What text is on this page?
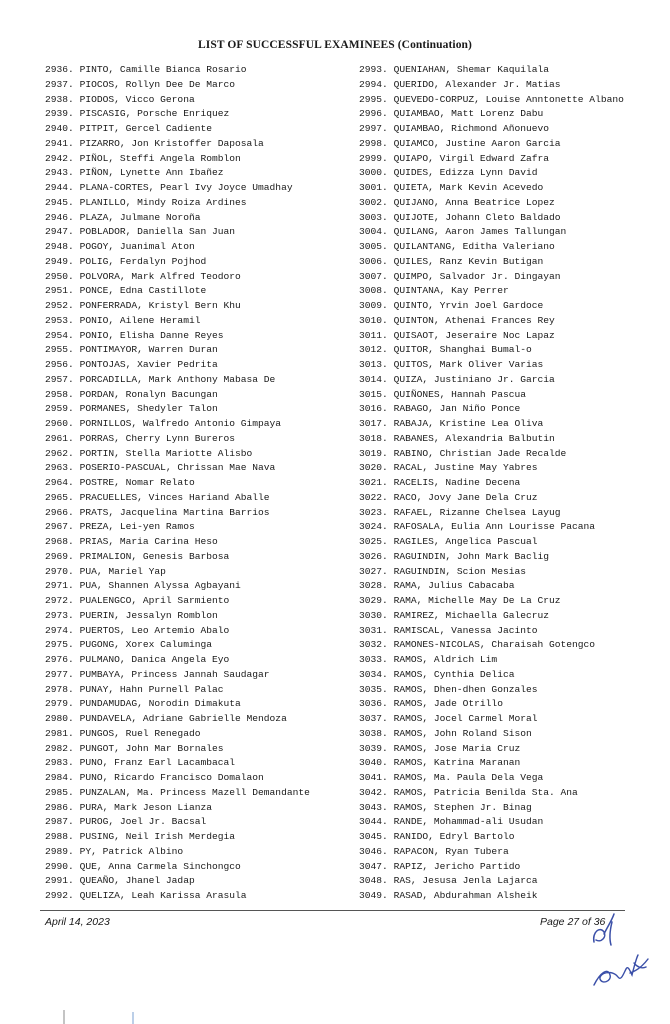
LIST OF SUCCESSFUL EXAMINEES (Continuation)
2936. PINTO, Camille Bianca Rosario
2937. PIOCOS, Rollyn Dee De Marco
2938. PIODOS, Vicco Gerona
2939. PISCASIG, Porsche Enriquez
2940. PITPIT, Gercel Cadiente
2941. PIZARRO, Jon Kristoffer Daposala
2942. PIÑOL, Steffi Angela Romblon
2943. PIÑON, Lynette Ann Ibañez
2944. PLANA-CORTES, Pearl Ivy Joyce Umadhay
2945. PLANILLO, Mindy Roiza Ardines
2946. PLAZA, Julmane Noroña
2947. POBLADOR, Daniella San Juan
2948. POGOY, Juanimal Aton
2949. POLIG, Ferdalyn Pojhod
2950. POLVORA, Mark Alfred Teodoro
2951. PONCE, Edna Castillote
2952. PONFERRADA, Kristyl Bern Khu
2953. PONIO, Ailene Heramil
2954. PONIO, Elisha Danne Reyes
2955. PONTIMAYOR, Warren Duran
2956. PONTOJAS, Xavier Pedrita
2957. PORCADILLA, Mark Anthony Mabasa De
2958. PORDAN, Ronalyn Bacungan
2959. PORMANES, Shedyler Talon
2960. PORNILLOS, Walfredo Antonio Gimpaya
2961. PORRAS, Cherry Lynn Bureros
2962. PORTIN, Stella Mariotte Alisbo
2963. POSERIO-PASCUAL, Chrissan Mae Nava
2964. POSTRE, Nomar Relato
2965. PRACUELLES, Vinces Hariand Aballe
2966. PRATS, Jacquelina Martina Barrios
2967. PREZA, Lei-yen Ramos
2968. PRIAS, Maria Carina Heso
2969. PRIMALION, Genesis Barbosa
2970. PUA, Mariel Yap
2971. PUA, Shannen Alyssa Agbayani
2972. PUALENGCO, April Sarmiento
2973. PUERIN, Jessalyn Romblon
2974. PUERTOS, Leo Artemio Abalo
2975. PUGONG, Xorex Caluminga
2976. PULMANO, Danica Angela Eyo
2977. PUMBAYA, Princess Jannah Saudagar
2978. PUNAY, Hahn Purnell Palac
2979. PUNDAMUDAG, Norodin Dimakuta
2980. PUNDAVELA, Adriane Gabrielle Mendoza
2981. PUNGOS, Ruel Renegado
2982. PUNGOT, John Mar Bornales
2983. PUNO, Franz Earl Lacambacal
2984. PUNO, Ricardo Francisco Domalaon
2985. PUNZALAN, Ma. Princess Mazell Demandante
2986. PURA, Mark Jeson Lianza
2987. PUROG, Joel Jr. Bacsal
2988. PUSING, Neil Irish Merdegia
2989. PY, Patrick Albino
2990. QUE, Anna Carmela Sinchongco
2991. QUEAÑO, Jhanel Jadap
2992. QUELIZA, Leah Karissa Arasula
2993. QUENIAHAN, Shemar Kaquilala
2994. QUERIDO, Alexander Jr. Matias
2995. QUEVEDO-CORPUZ, Louise Anntonette Albano
2996. QUIAMBAO, Matt Lorenz Dabu
2997. QUIAMBAO, Richmond Añonuevo
2998. QUIAMCO, Justine Aaron Garcia
2999. QUIAPO, Virgil Edward Zafra
3000. QUIDES, Edizza Lynn David
3001. QUIETA, Mark Kevin Acevedo
3002. QUIJANO, Anna Beatrice Lopez
3003. QUIJOTE, Johann Cleto Baldado
3004. QUILANG, Aaron James Tallungan
3005. QUILANTANG, Editha Valeriano
3006. QUILES, Ranz Kevin Butigan
3007. QUIMPO, Salvador Jr. Dingayan
3008. QUINTANA, Kay Perrer
3009. QUINTO, Yrvin Joel Gardoce
3010. QUINTON, Athenai Frances Rey
3011. QUISAOT, Jeseraire Noc Lapaz
3012. QUITOR, Shanghai Bumal-o
3013. QUITOS, Mark Oliver Varias
3014. QUIZA, Justiniano Jr. Garcia
3015. QUIÑONES, Hannah Pascua
3016. RABAGO, Jan Niño Ponce
3017. RABAJA, Kristine Lea Oliva
3018. RABANES, Alexandria Balbutin
3019. RABINO, Christian Jade Recalde
3020. RACAL, Justine May Yabres
3021. RACELIS, Nadine Decena
3022. RACO, Jovy Jane Dela Cruz
3023. RAFAEL, Rizanne Chelsea Layug
3024. RAFOSALA, Eulia Ann Lourisse Pacana
3025. RAGILES, Angelica Pascual
3026. RAGUINDIN, John Mark Baclig
3027. RAGUINDIN, Scion Mesias
3028. RAMA, Julius Cabacaba
3029. RAMA, Michelle May De La Cruz
3030. RAMIREZ, Michaella Galecruz
3031. RAMISCAL, Vanessa Jacinto
3032. RAMONES-NICOLAS, Charaisah Gotengco
3033. RAMOS, Aldrich Lim
3034. RAMOS, Cynthia Delica
3035. RAMOS, Dhen-dhen Gonzales
3036. RAMOS, Jade Otrillo
3037. RAMOS, Jocel Carmel Moral
3038. RAMOS, John Roland Sison
3039. RAMOS, Jose Maria Cruz
3040. RAMOS, Katrina Maranan
3041. RAMOS, Ma. Paula Dela Vega
3042. RAMOS, Patricia Benilda Sta. Ana
3043. RAMOS, Stephen Jr. Binag
3044. RANDE, Mohammad-ali Usudan
3045. RANIDO, Edryl Bartolo
3046. RAPACON, Ryan Tubera
3047. RAPIZ, Jericho Partido
3048. RAS, Jesusa Jenla Lajarca
3049. RASAD, Abdurahman Alsheik
April 14, 2023	Page 27 of 36
